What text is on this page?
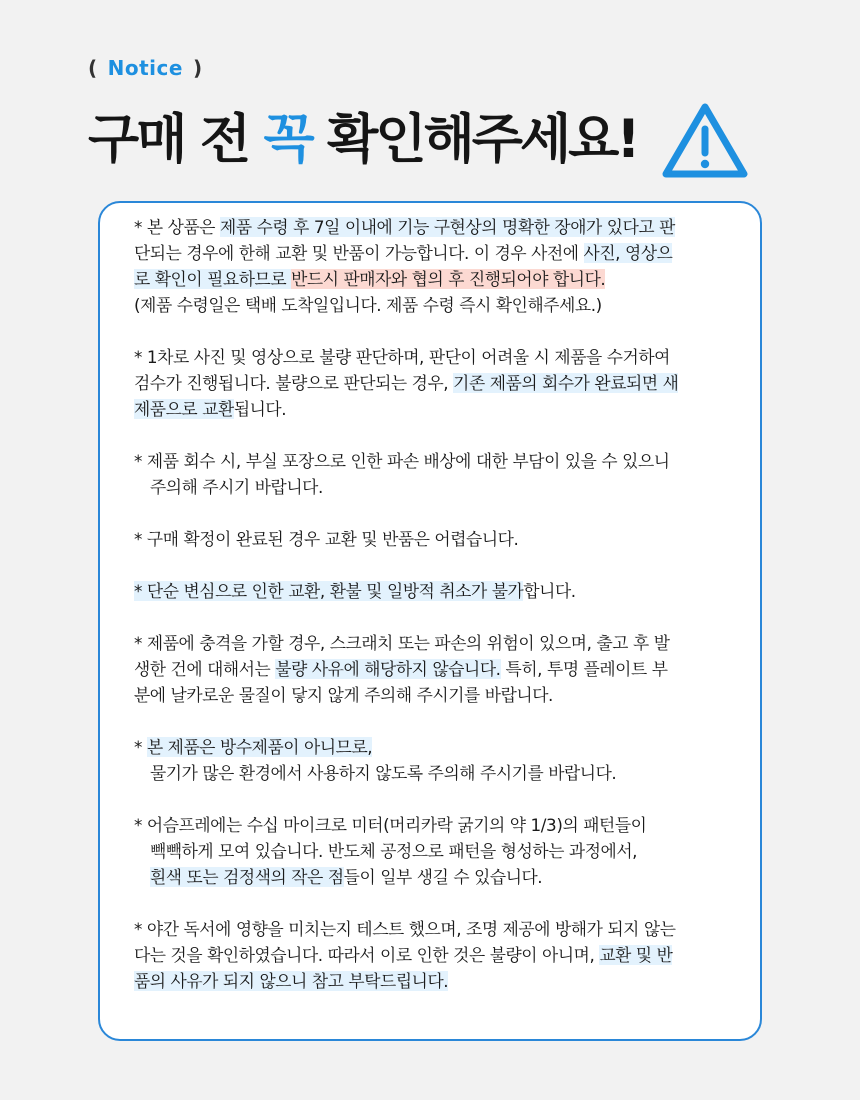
( Notice )
구매 전 꼭 확인해주세요!
* 본 상품은 제품 수령 후 7일 이내에 기능 구현상의 명확한 장애가 있다고 판
단되는 경우에 한해 교환 및 반품이 가능합니다. 이 경우 사전에 사진, 영상으
로 확인이 필요하므로 반드시 판매자와 협의 후 진행되어야 합니다.
(제품 수령일은 택배 도착일입니다. 제품 수령 즉시 확인해주세요.)
* 1차로 사진 및 영상으로 불량 판단하며, 판단이 어려울 시 제품을 수거하여
검수가 진행됩니다. 불량으로 판단되는 경우, 기존 제품의 회수가 완료되면 새
제품으로 교환됩니다.
* 제품 회수 시, 부실 포장으로 인한 파손 배상에 대한 부담이 있을 수 있으니
주의해 주시기 바랍니다.
* 구매 확정이 완료된 경우 교환 및 반품은 어렵습니다.
* 단순 변심으로 인한 교환, 환불 및 일방적 취소가 불가합니다.
* 제품에 충격을 가할 경우, 스크래치 또는 파손의 위험이 있으며, 출고 후 발
생한 건에 대해서는 불량 사유에 해당하지 않습니다. 특히, 투명 플레이트 부
분에 날카로운 물질이 닿지 않게 주의해 주시기를 바랍니다.
* 본 제품은 방수제품이 아니므로,
물기가 많은 환경에서 사용하지 않도록 주의해 주시기를 바랍니다.
* 어슴프레에는 수십 마이크로 미터(머리카락 굵기의 약 1/3)의 패턴들이
빽빽하게 모여 있습니다. 반도체 공정으로 패턴을 형성하는 과정에서,
흰색 또는 검정색의 작은 점들이 일부 생길 수 있습니다.
* 야간 독서에 영향을 미치는지 테스트 했으며, 조명 제공에 방해가 되지 않는
다는 것을 확인하였습니다. 따라서 이로 인한 것은 불량이 아니며, 교환 및 반
품의 사유가 되지 않으니 참고 부탁드립니다.
